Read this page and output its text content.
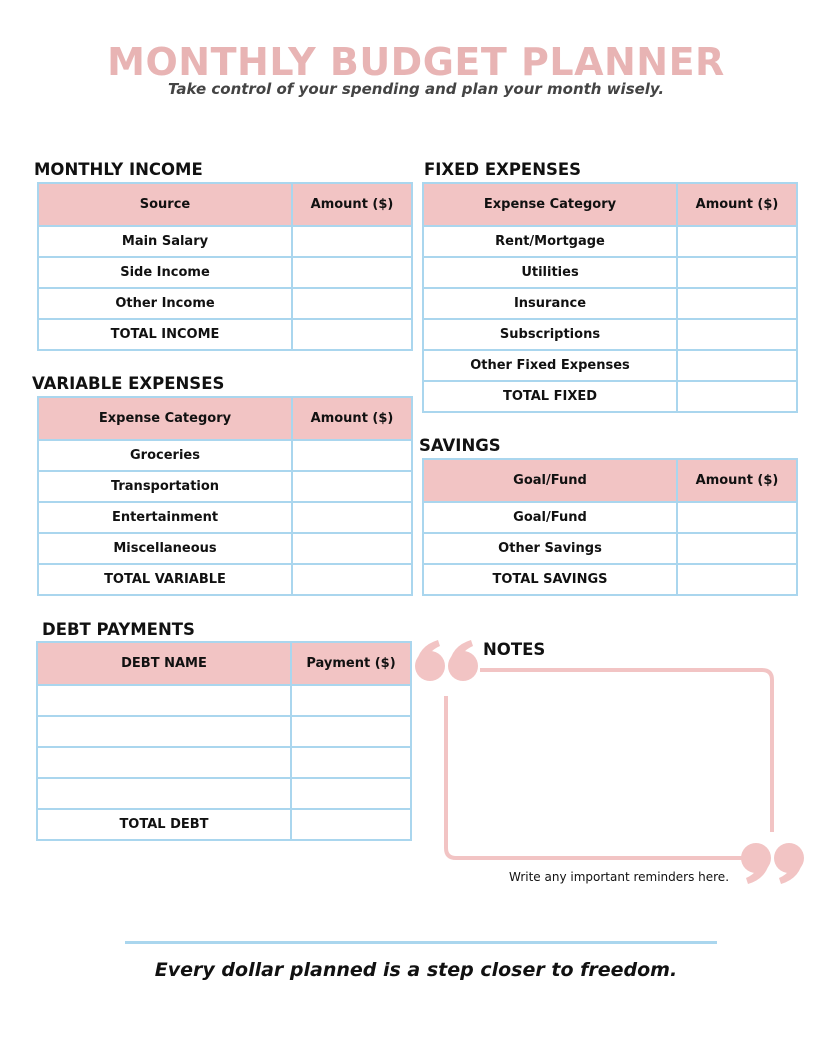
MONTHLY BUDGET PLANNER
Take control of your spending and plan your month wisely.
MONTHLY INCOME
Source	Amount ($)
Main Salary	
Side Income	
Other Income	
TOTAL INCOME	
FIXED EXPENSES
Expense Category	Amount ($)
Rent/Mortgage	
Utilities	
Insurance	
Subscriptions	
Other Fixed Expenses	
TOTAL FIXED	
VARIABLE EXPENSES
Expense Category	Amount ($)
Groceries	
Transportation	
Entertainment	
Miscellaneous	
TOTAL VARIABLE	
SAVINGS
Goal/Fund	Amount ($)
Goal/Fund	
Other Savings	
TOTAL SAVINGS	
DEBT PAYMENTS
DEBT NAME	Payment ($)

TOTAL DEBT	
NOTES
Write any important reminders here.
Every dollar planned is a step closer to freedom.
